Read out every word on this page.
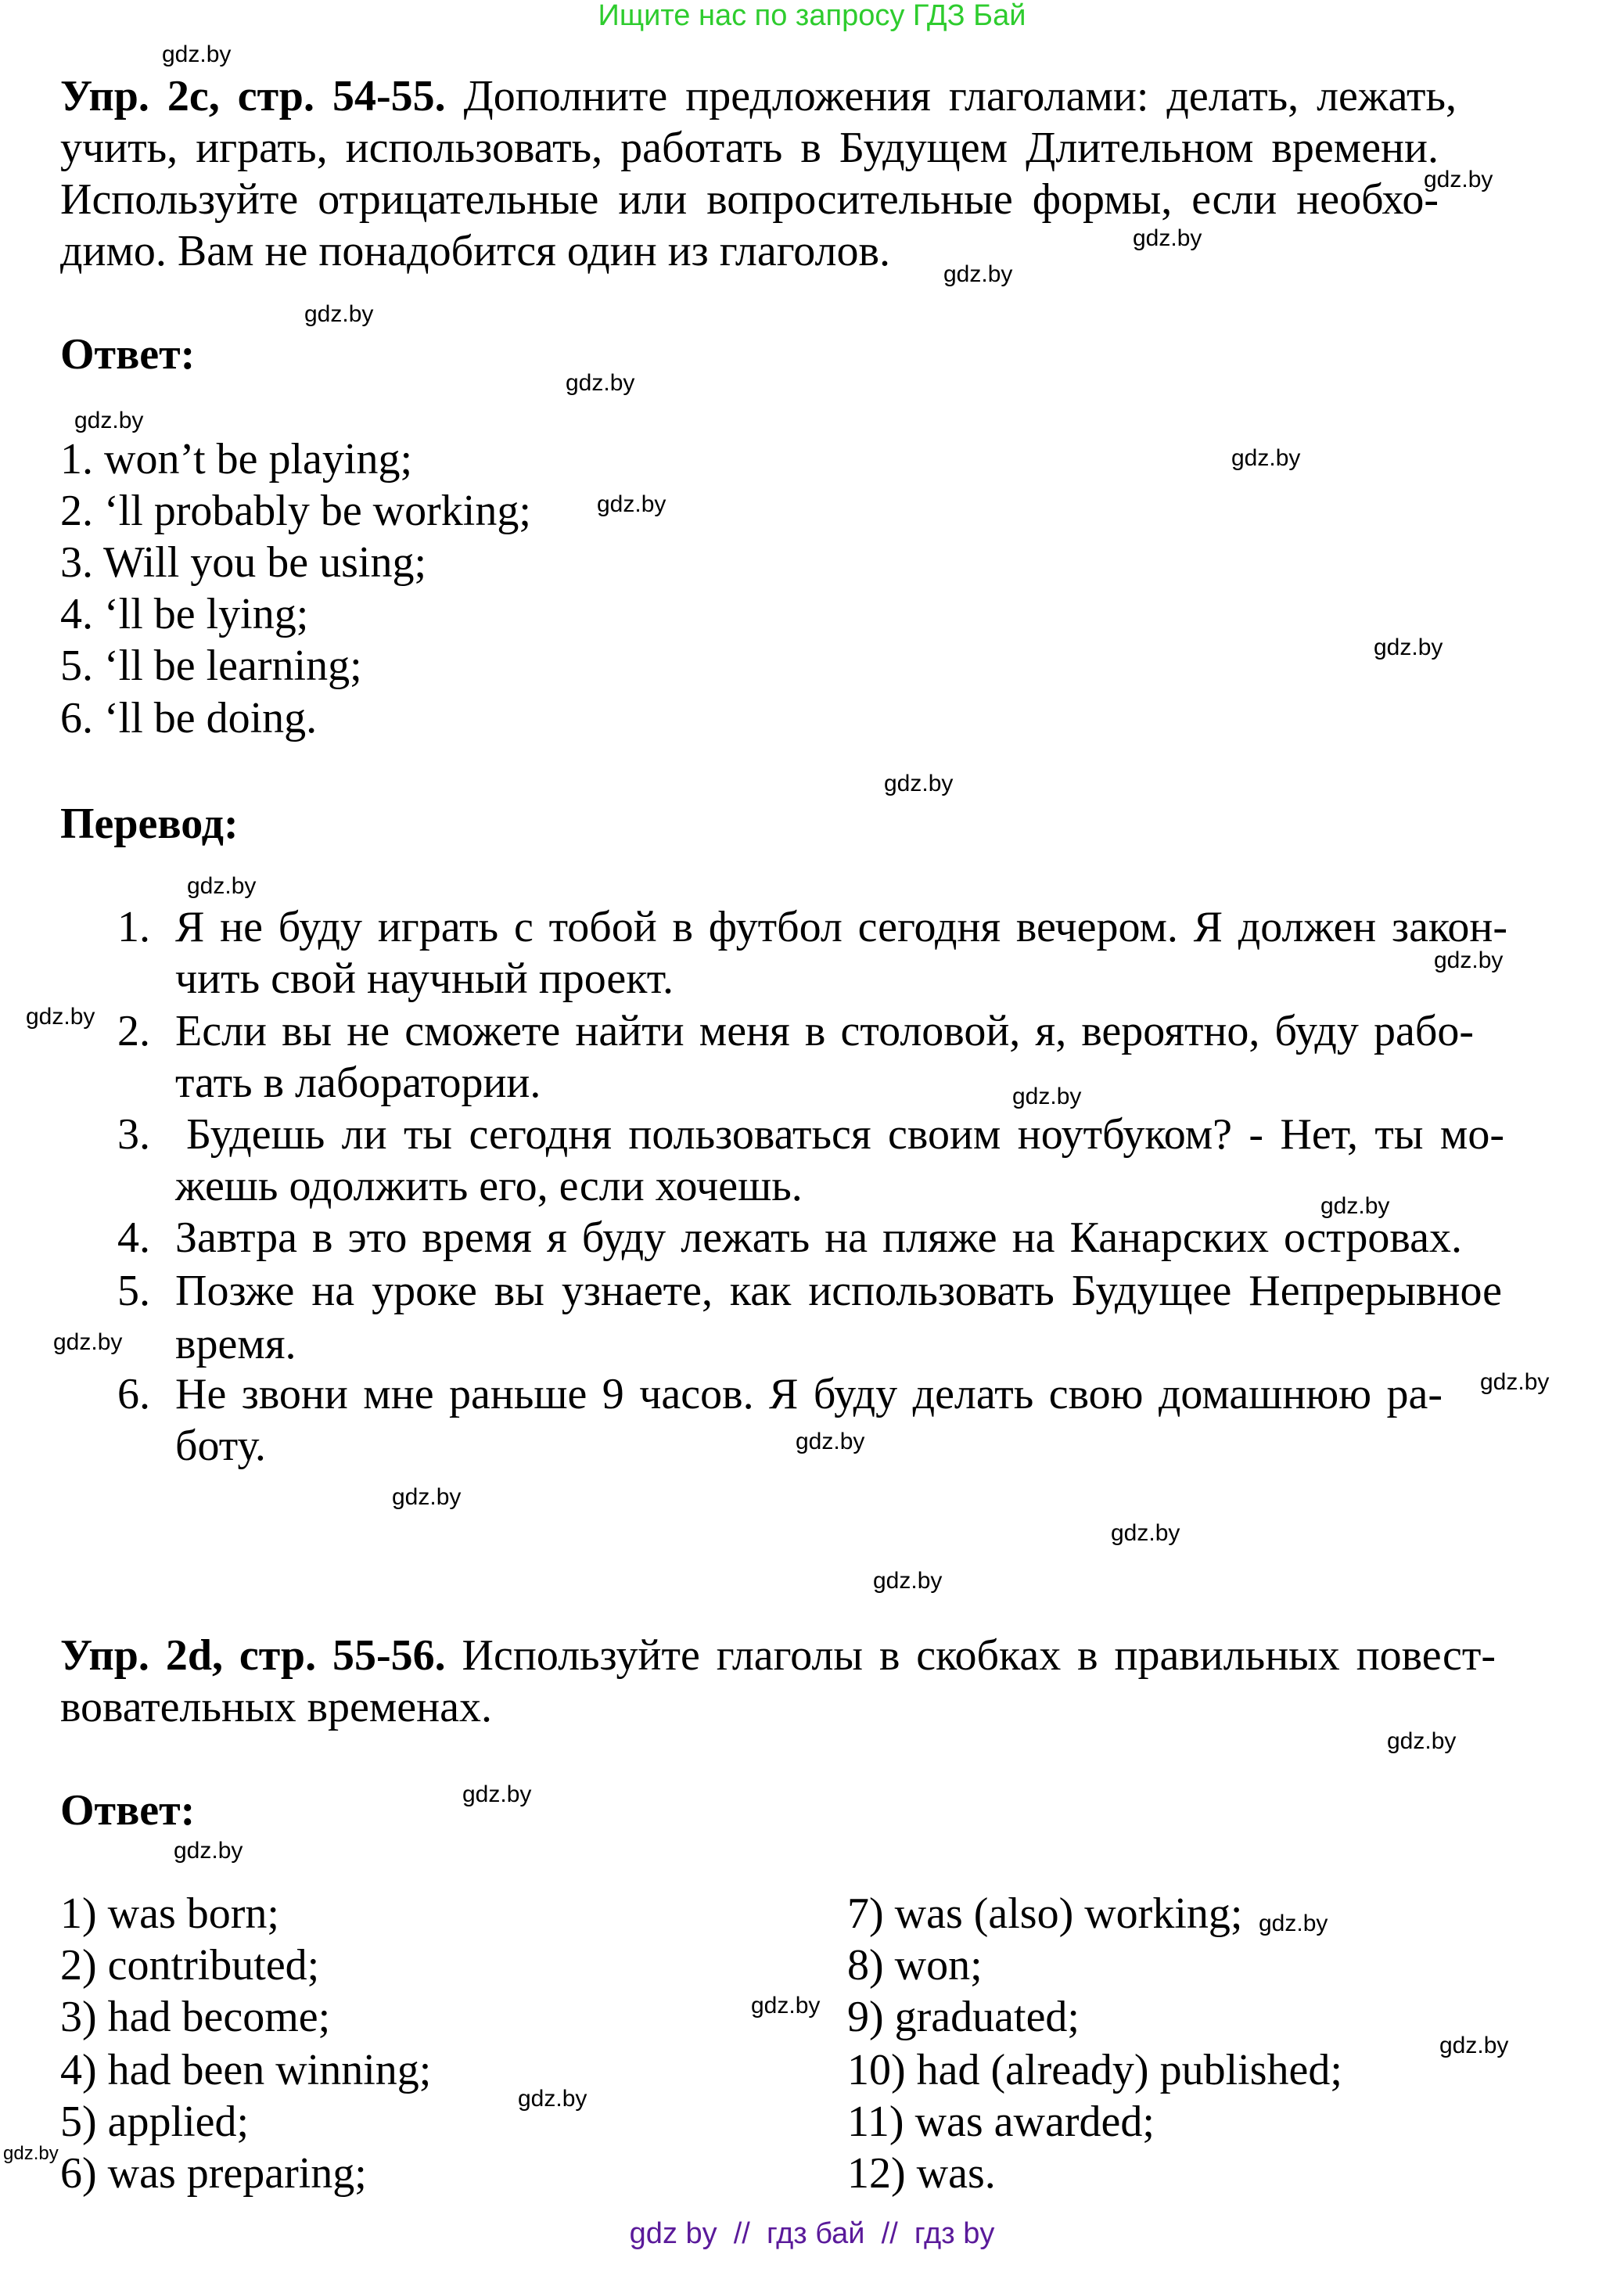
Ищите нас по запросу ГДЗ Бай
Упр. 2c, стр. 54-55. Дополните предложения глаголами: делать, лежать,
учить, играть, использовать, работать в Будущем Длительном времени.
Используйте отрицательные или вопросительные формы, если необхо-
димо. Вам не понадобится один из глаголов.
Ответ:
1. won’t be playing;
2. ‘ll probably be working;
3. Will you be using;
4. ‘ll be lying;
5. ‘ll be learning;
6. ‘ll be doing.
Перевод:
1. Я не буду играть с тобой в футбол сегодня вечером. Я должен закон-
чить свой научный проект.
2. Если вы не сможете найти меня в столовой, я, вероятно, буду рабо-
тать в лаборатории.
3. Будешь ли ты сегодня пользоваться своим ноутбуком? - Нет, ты мо-
жешь одолжить его, если хочешь.
4. Завтра в это время я буду лежать на пляже на Канарских островах.
5. Позже на уроке вы узнаете, как использовать Будущее Непрерывное
время.
6. Не звони мне раньше 9 часов. Я буду делать свою домашнюю ра-
боту.
Упр. 2d, стр. 55-56. Используйте глаголы в скобках в правильных повест-
вовательных временах.
Ответ:
1) was born;
2) contributed;
3) had become;
4) had been winning;
5) applied;
6) was preparing;
7) was (also) working;
8) won;
9) graduated;
10) had (already) published;
11) was awarded;
12) was.
gdz.by
gdz.by
gdz.by
gdz.by
gdz.by
gdz.by
gdz.by
gdz.by
gdz.by
gdz.by
gdz.by
gdz.by
gdz.by
gdz.by
gdz.by
gdz.by
gdz.by
gdz.by
gdz.by
gdz.by
gdz.by
gdz.by
gdz.by
gdz.by
gdz.by
gdz.by
gdz.by
gdz.by
gdz.by
gdz.by
gdz by  //  гдз бай  //  гдз by
